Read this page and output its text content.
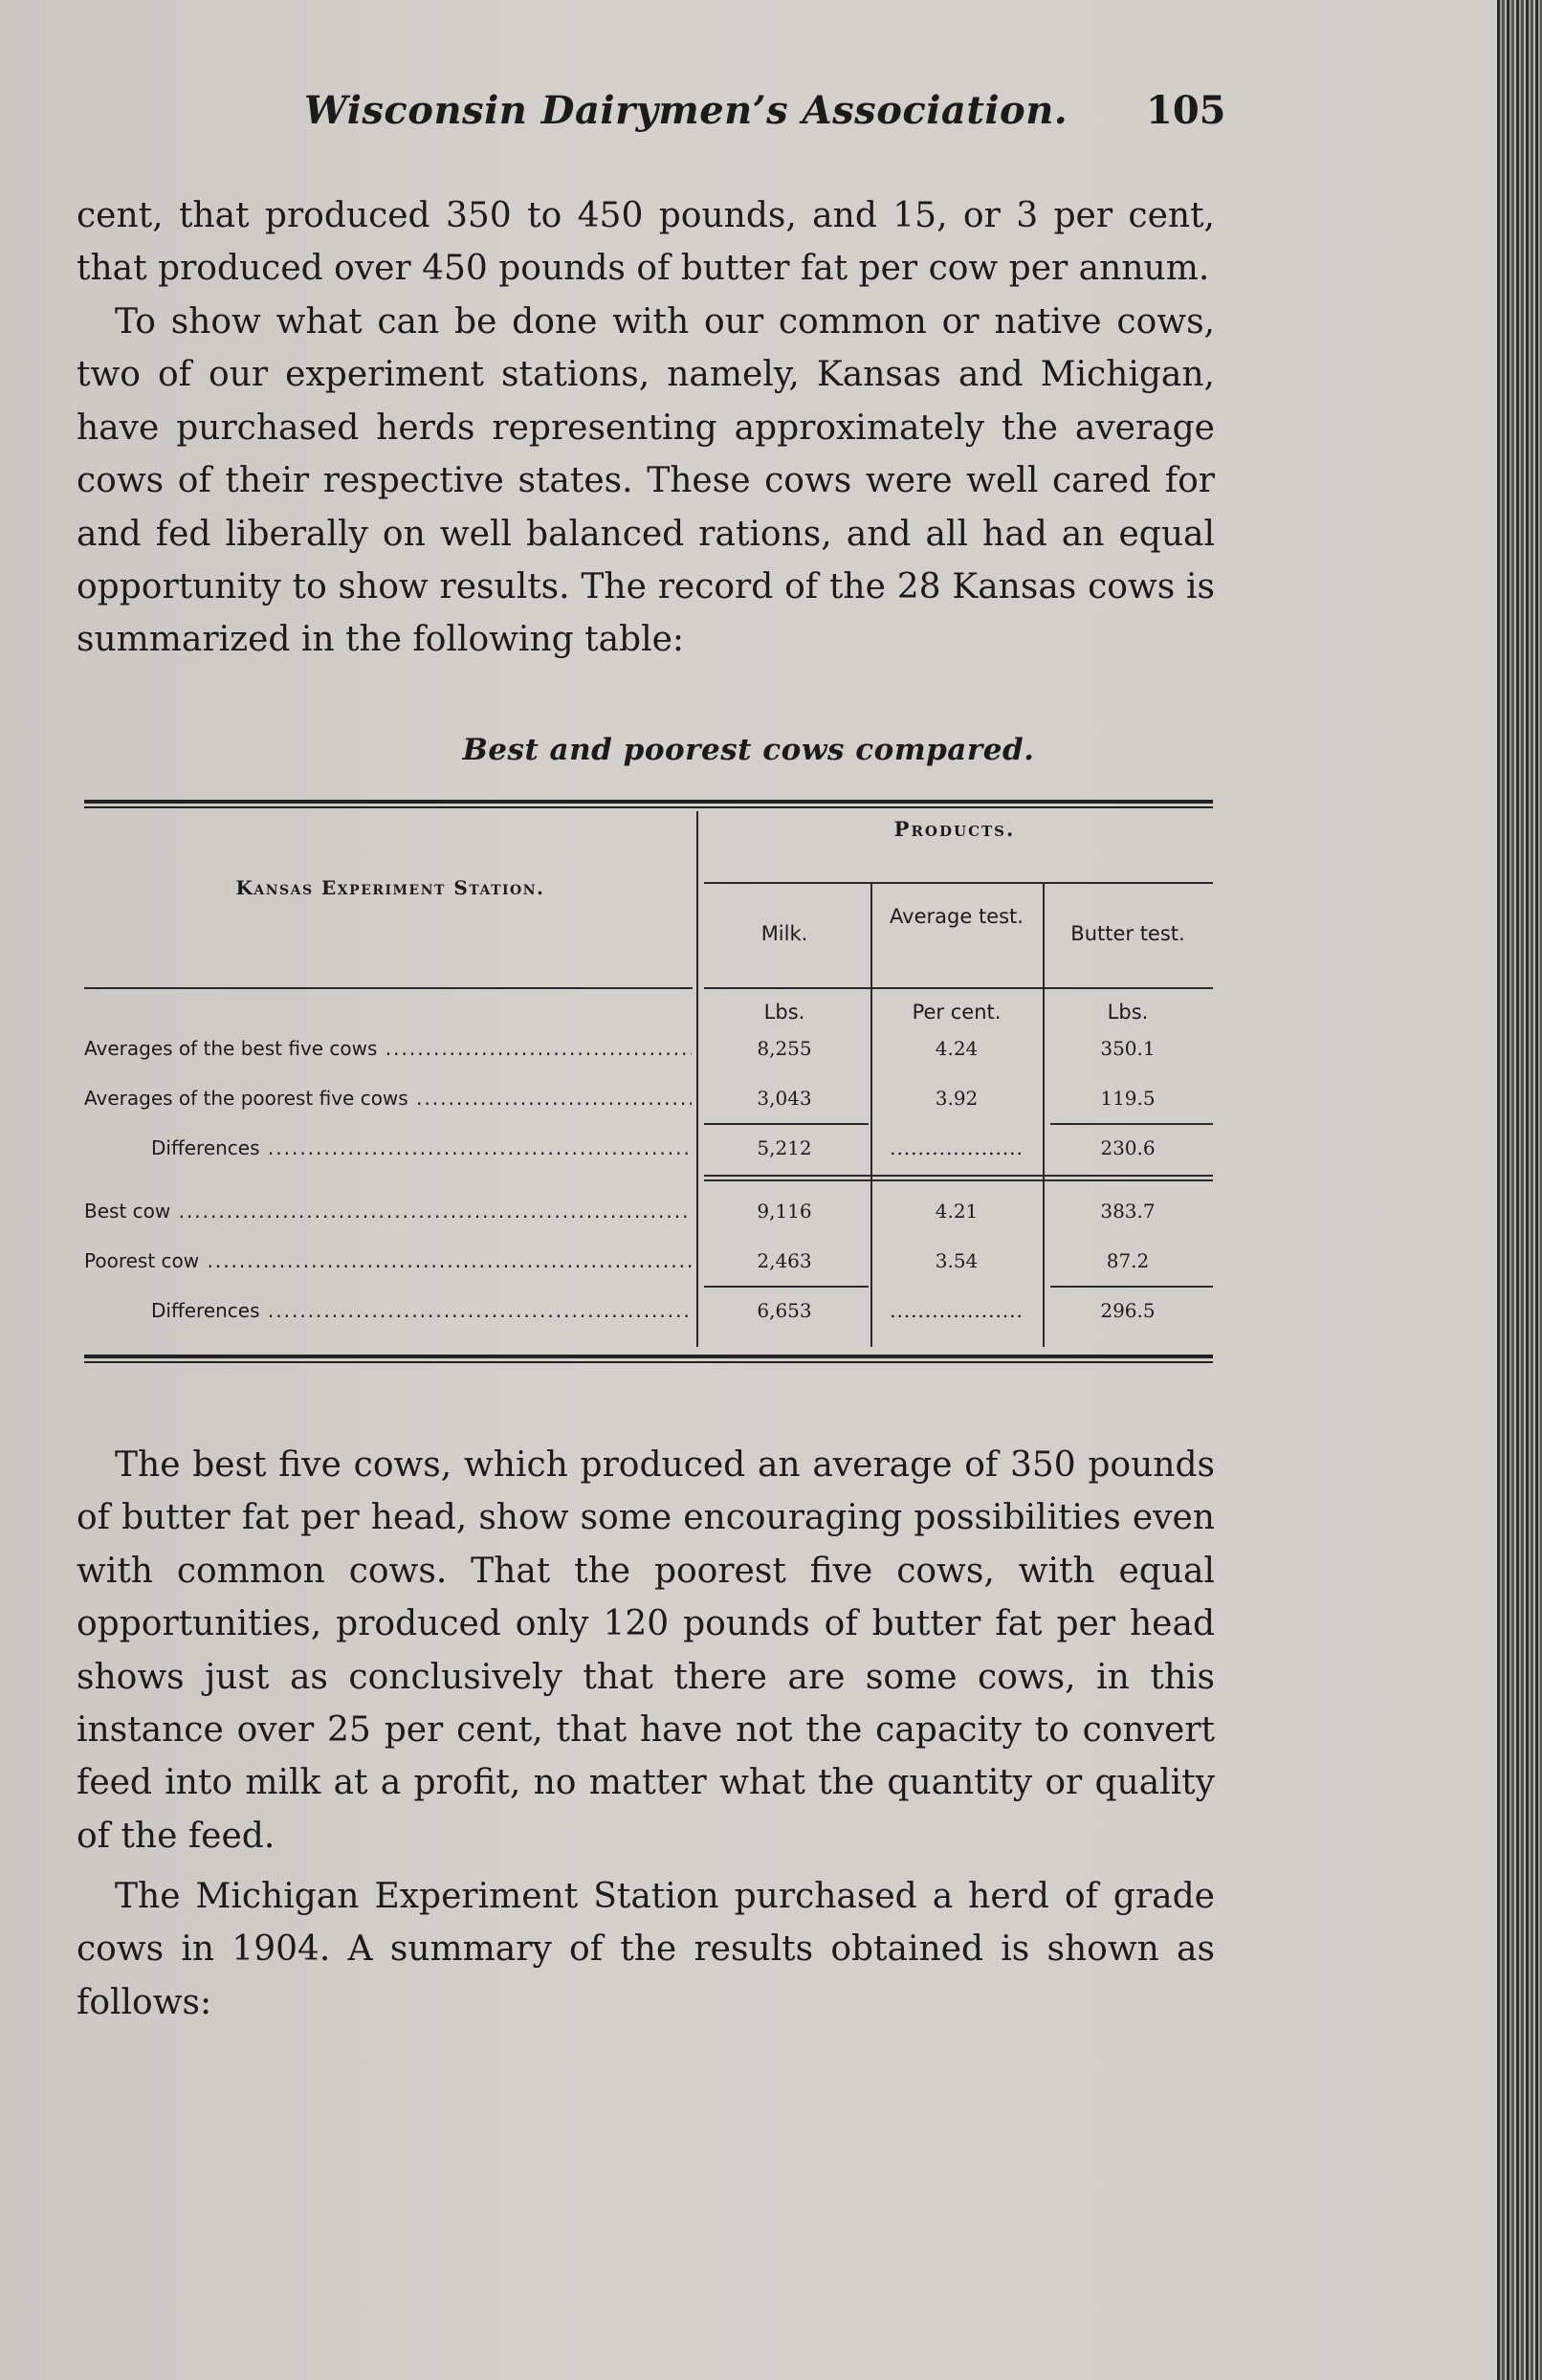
Wisconsin Dairymen’s Association. 105

cent, that produced 350 to 450 pounds, and 15, or 3 per cent, that produced over 450 pounds of butter fat per cow per annum.

To show what can be done with our common or native cows, two of our experiment stations, namely, Kansas and Michigan, have purchased herds representing approximately the average cows of their respective states. These cows were well cared for and fed liberally on well balanced rations, and all had an equal opportunity to show results. The record of the 28 Kansas cows is summarized in the following table:

Best and poorest cows compared.
Kansas Experiment Station.
Products.
Milk.
Average test.
Butter test.
Lbs.	Per cent.	Lbs.
Averages of the best five cows .....	8,255	4.24	350.1
Averages of the poorest five cows .....	3,043	3.92	119.5
Differences .....	5,212 .....	230.6
Best cow .....	9,116	4.21	383.7
Poorest cow .....	2,463	3.54	87.2
Differences .....	6,653 .....	296.5

The best five cows, which produced an average of 350 pounds of butter fat per head, show some encouraging possibilities even with common cows. That the poorest five cows, with equal opportunities, produced only 120 pounds of butter fat per head shows just as conclusively that there are some cows, in this instance over 25 per cent, that have not the capacity to convert feed into milk at a profit, no matter what the quantity or quality of the feed.

The Michigan Experiment Station purchased a herd of grade cows in 1904. A summary of the results obtained is shown as follows:
